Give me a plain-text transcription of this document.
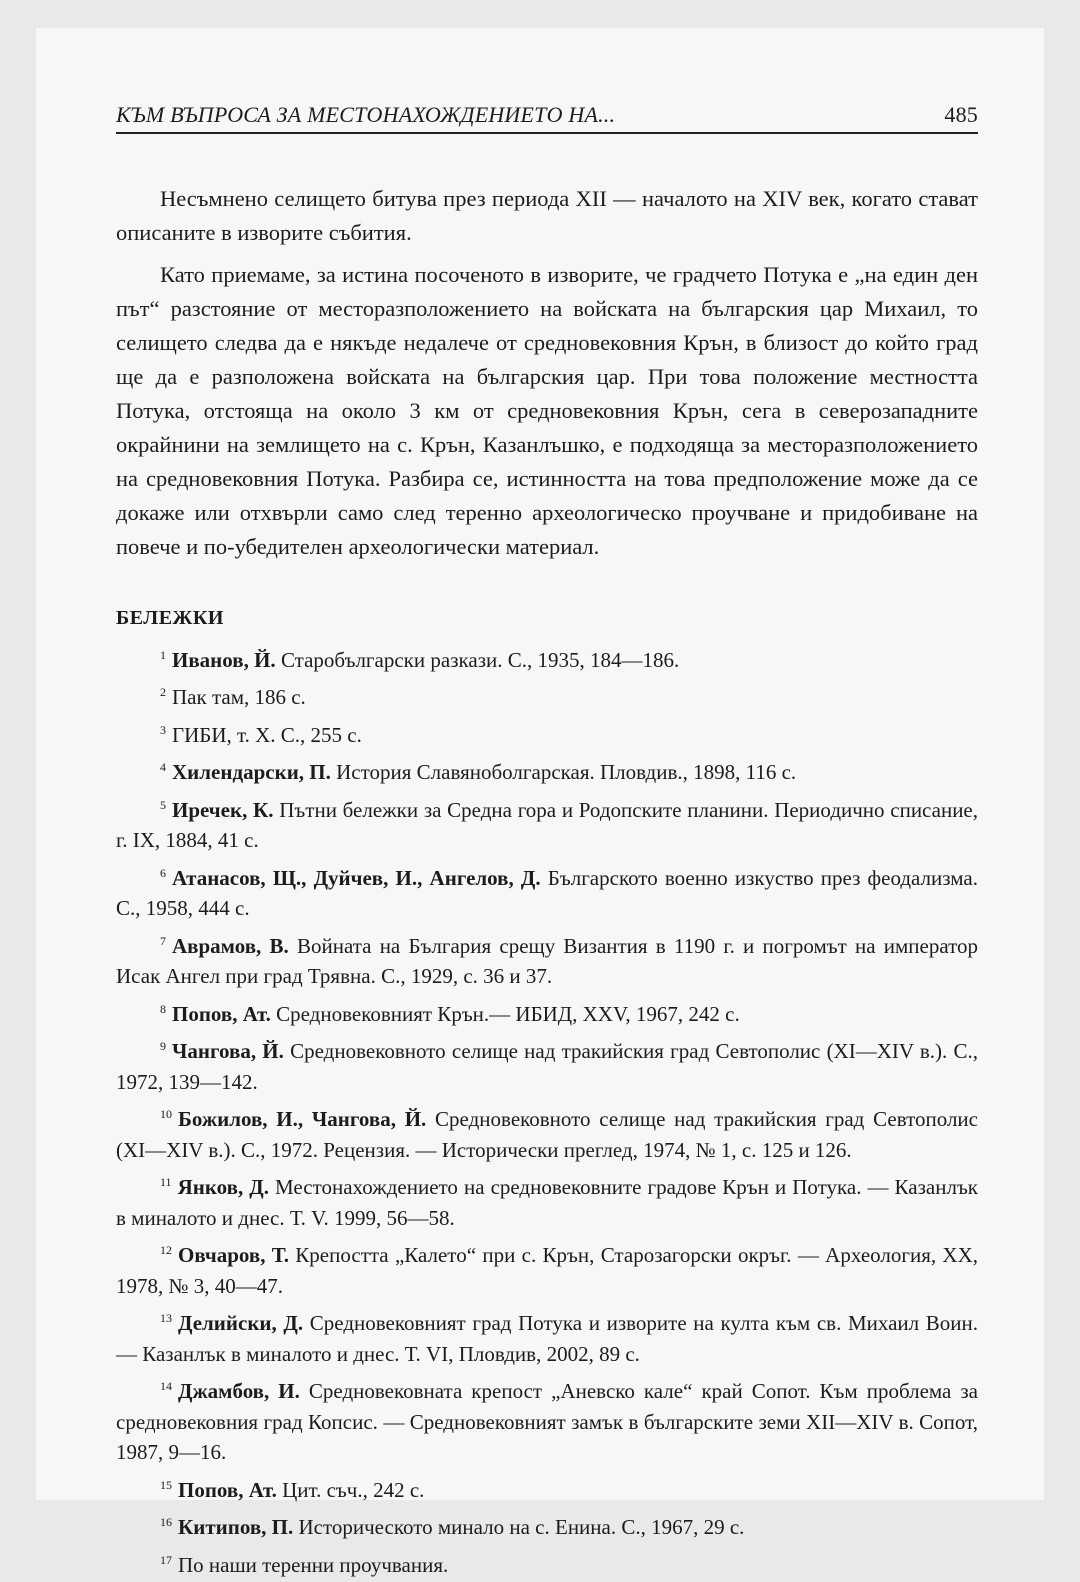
КЪМ ВЪПРОСА ЗА МЕСТОНАХОЖДЕНИЕТО НА...	485

Несъмнено селището битува през периода XII — началото на XIV век, когато стават описаните в изворите събития.

Като приемаме, за истина посоченото в изворите, че градчето Потука е „на един ден път“ разстояние от месторазположението на войската на българския цар Михаил, то селището следва да е някъде недалече от средновековния Крън, в близост до който град ще да е разположена войската на българския цар. При това положение местността Потука, отстояща на около 3 км от средновековния Крън, сега в северозападните окрайнини на землището на с. Крън, Казанлъшко, е подходяща за месторазположението на средновековния Потука. Разбира се, истинността на това предположение може да се докаже или отхвърли само след теренно археологическо проучване и придобиване на повече и по-убедителен археологически материал.

БЕЛЕЖКИ

$^1$ Иванов, Й. Старобългарски разкази. С., 1935, 184—186.

$^2$ Пак там, 186 с.

$^3$ ГИБИ, т. X. С., 255 с.

$^4$ Хилендарски, П. История Славяноболгарская. Пловдив., 1898, 116 с.

$^5$ Иречек, К. Пътни бележки за Средна гора и Родопските планини. Периодично списание, г. IX, 1884, 41 с.

$^6$ Атанасов, Щ., Дуйчев, И., Ангелов, Д. Българското военно изкуство през феодализма. С., 1958, 444 с.

$^7$ Аврамов, В. Войната на България срещу Византия в 1190 г. и погромът на император Исак Ангел при град Трявна. С., 1929, с. 36 и 37.

$^8$ Попов, Ат. Средновековният Крън.— ИБИД, XXV, 1967, 242 с.

$^9$ Чангова, Й. Средновековното селище над тракийския град Севтополис (XI—XIV в.). С., 1972, 139—142.

$^{10}$ Божилов, И., Чангова, Й. Средновековното селище над тракийския град Севтополис (XI—XIV в.). С., 1972. Рецензия. — Исторически преглед, 1974, № 1, с. 125 и 126.

$^{11}$ Янков, Д. Местонахождението на средновековните градове Крън и Потука. — Казанлък в миналото и днес. Т. V. 1999, 56—58.

$^{12}$ Овчаров, Т. Крепостта „Калето“ при с. Крън, Старозагорски окръг. — Археология, XX, 1978, № 3, 40—47.

$^{13}$ Делийски, Д. Средновековният град Потука и изворите на култа към св. Михаил Воин. — Казанлък в миналото и днес. Т. VI, Пловдив, 2002, 89 с.

$^{14}$ Джамбов, И. Средновековната крепост „Аневско кале“ край Сопот. Към проблема за средновековния град Копсис. — Средновековният замък в българските земи XII—XIV в. Сопот, 1987, 9—16.

$^{15}$ Попов, Ат. Цит. съч., 242 с.

$^{16}$ Китипов, П. Историческото минало на с. Енина. С., 1967, 29 с.

$^{17}$ По наши теренни проучвания.
